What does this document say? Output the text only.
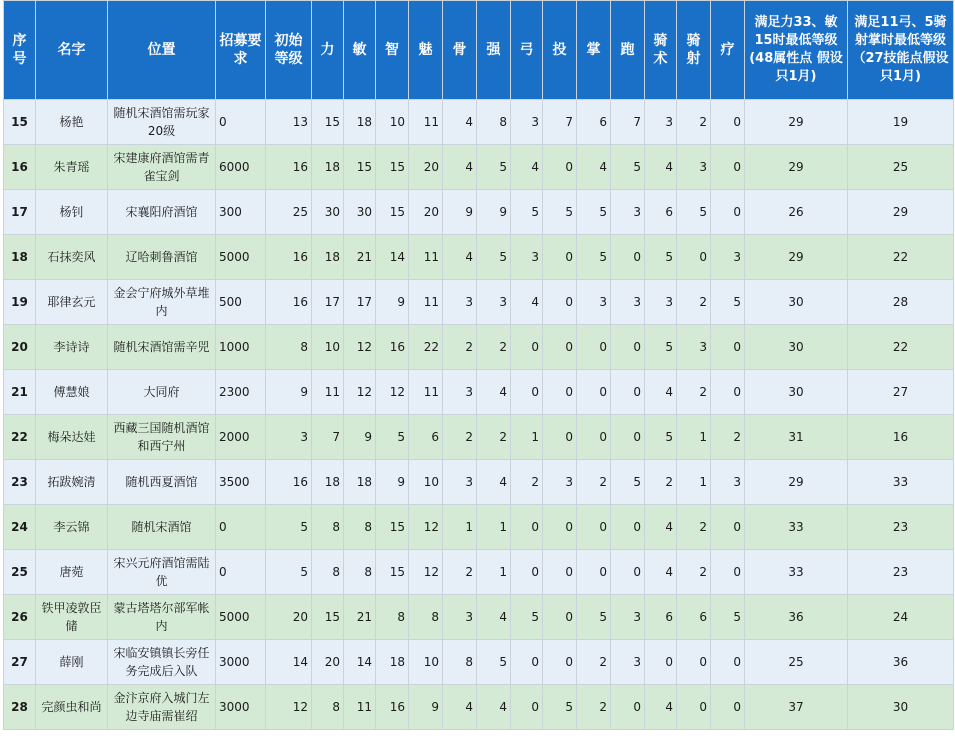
序号	名字	位置	招募要求	初始等级	力	敏	智	魅	骨	强	弓	投	掌	跑	骑术	骑射	疗	满足力33、敏15时最低等级(48属性点 假设只1月)	满足11弓、5骑射掌时最低等级（27技能点假设只1月)
15	杨艳	随机宋酒馆需玩家20级	0	13	15	18	10	11	4	8	3	7	6	7	3	2	0	29	19
16	朱青瑶	宋建康府酒馆需青雀宝剑	6000	16	18	15	15	20	4	5	4	0	4	5	4	3	0	29	25
17	杨钊	宋襄阳府酒馆	300	25	30	30	15	20	9	9	5	5	5	3	6	5	0	26	29
18	石抹奕风	辽哈刺鲁酒馆	5000	16	18	21	14	11	4	5	3	0	5	0	5	0	3	29	22
19	耶律玄元	金会宁府城外草堆内	500	16	17	17	9	11	3	3	4	0	3	3	3	2	5	30	28
20	李诗诗	随机宋酒馆需辛兕	1000	8	10	12	16	22	2	2	0	0	0	0	5	3	0	30	22
21	傅慧娘	大同府	2300	9	11	12	12	11	3	4	0	0	0	0	4	2	0	30	27
22	梅朵达娃	西藏三国随机酒馆和西宁州	2000	3	7	9	5	6	2	2	1	0	0	0	5	1	2	31	16
23	拓跋婉清	随机西夏酒馆	3500	16	18	18	9	10	3	4	2	3	2	5	2	1	3	29	33
24	李云锦	随机宋酒馆	0	5	8	8	15	12	1	1	0	0	0	0	4	2	0	33	23
25	唐菀	宋兴元府酒馆需陆优	0	5	8	8	15	12	2	1	0	0	0	0	4	2	0	33	23
26	铁甲凌敦臣储	蒙古塔塔尔部军帐内	5000	20	15	21	8	8	3	4	5	0	5	3	6	6	5	36	24
27	薛刚	宋临安镇镇长旁任务完成后入队	3000	14	20	14	18	10	8	5	0	0	2	3	0	0	0	25	36
28	完颜虫和尚	金汴京府入城门左边寺庙需崔绍	3000	12	8	11	16	9	4	4	0	5	2	0	4	0	0	37	30
